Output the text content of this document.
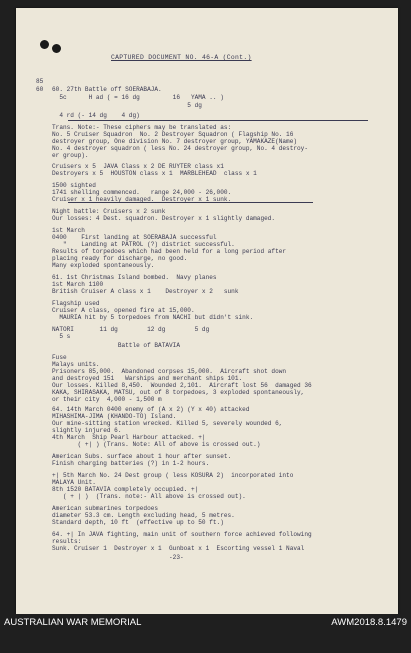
CAPTURED DOCUMENT NO. 46-A (Cont.)
85
60 60. 27th Battle off SOERABAJA.
5c      H ad ( = 16 dg         16   YAMA .. )
5 dg
4 rd (- 14 dg    4 dg)
Trans. Note:- These ciphers may be translated as:
No. 5 Cruiser Squadron  No. 2 Destroyer Squadron ( Flagship No. 16
destroyer group, One division No. 7 destroyer group, YAMAKAZE(Name)
No. 4 destroyer squadron ( less No. 24 destroyer group, No. 4 destroy-
er group).
Cruisers x 5  JAVA Class x 2 DE RUYTER class x1
Destroyers x 5  HOUSTON class x 1  MARBLEHEAD  class x 1
1500 sighted
1741 shelling commenced.   range 24,000 - 26,000.
Cruiser x 1 heavily damaged.  Destroyer x 1 sunk.
Night battle: Cruisers x 2 sunk
Our losses: 4 Dest. squadron. Destroyer x 1 slightly damaged.
1st March
0400    First landing at SOERABAJA successful
"    Landing at PATROL (?) district successful.
Results of torpedoes which had been held for a long period after
placing ready for discharge, no good.
Many exploded spontaneously.
61. 1st Christmas Island bombed.  Navy planes
1st March 1100
British Cruiser A class x 1    Destroyer x 2   sunk
Flagship used
Cruiser A class, opened fire at 15,000.
MAURIA hit by 5 torpedoes from NACHI but didn't sink.
NATORI       11 dg        12 dg        5 dg
5 s
Battle of BATAVIA
Fuse
Malays units.
Prisoners 85,000.  Abandoned corpses 15,000.  Aircraft shot down
and destroyed 151   Warships and merchant ships 101.
Our losses. Killed 8,450.  Wounded 2,101.  Aircraft lost 56  damaged 36
KAKA, SHIRASAKA, MATSU, out of 8 torpedoes, 3 exploded spontaneously,
or their city  4,000 - 1,500 m
64. 14th March 0400 enemy of (A x 2) (Y x 40) attacked
MIHASHIMA-JIMA (KHANDO-TO) Island.
Our mine-sitting station wrecked. Killed 5, severely wounded 6,
slightly injured 6.
4th March  Ship Pearl Harbour attacked. +|
( +| ) (Trans. Note: All of above is crossed out.)
American Subs. surface about 1 hour after sunset.
Finish charging batteries (?) in 1-2 hours.
+| 5th March No. 24 Dest group ( less KOSURA 2)  incorporated into
MALAYA Unit.
8th 1520 BATAVIA completely occupied. +|
( + | )  (Trans. note:- All above is crossed out).
American submarines torpedoes
diameter 53.3 cm. Length excluding head, 5 metres.
Standard depth, 10 ft  (effective up to 50 ft.)
64. +| In JAVA fighting, main unit of southern force achieved following
results:
Sunk. Cruiser 1  Destroyer x 1  Gunboat x 1  Escorting vessel 1 Naval
-23-
AUSTRALIAN WAR MEMORIAL	AWM2018.8.1479
